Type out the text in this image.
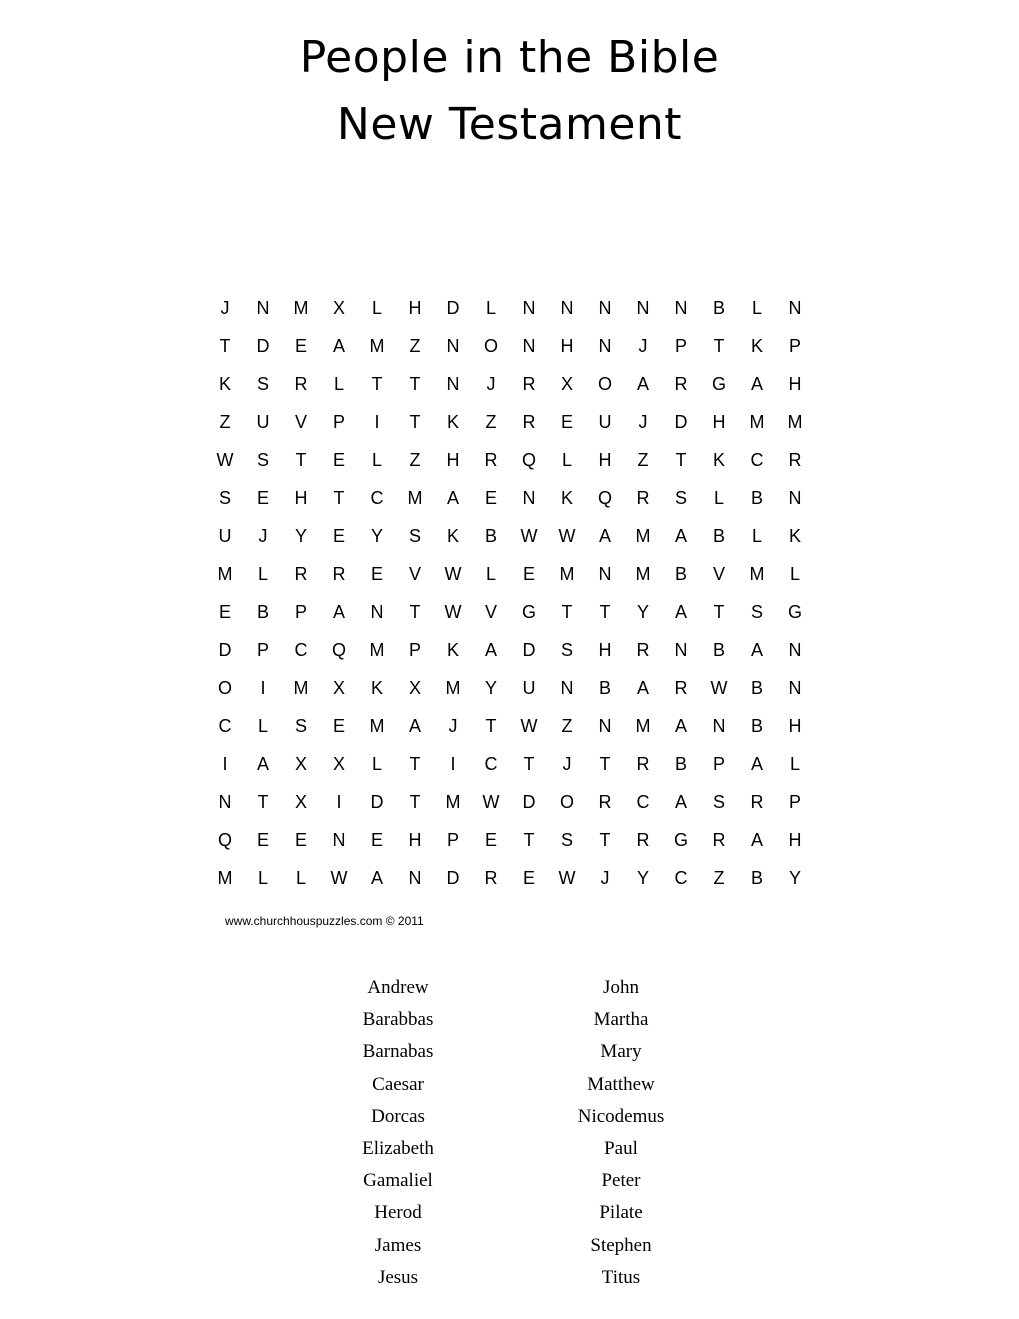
People in the Bible
New Testament
J	N	M	X	L	H	D	L	N	N	N	N	N	B	L	N
T	D	E	A	M	Z	N	O	N	H	N	J	P	T	K	P
K	S	R	L	T	T	N	J	R	X	O	A	R	G	A	H
Z	U	V	P	I	T	K	Z	R	E	U	J	D	H	M	M
W	S	T	E	L	Z	H	R	Q	L	H	Z	T	K	C	R
S	E	H	T	C	M	A	E	N	K	Q	R	S	L	B	N
U	J	Y	E	Y	S	K	B	W	W	A	M	A	B	L	K
M	L	R	R	E	V	W	L	E	M	N	M	B	V	M	L
E	B	P	A	N	T	W	V	G	T	T	Y	A	T	S	G
D	P	C	Q	M	P	K	A	D	S	H	R	N	B	A	N
O	I	M	X	K	X	M	Y	U	N	B	A	R	W	B	N
C	L	S	E	M	A	J	T	W	Z	N	M	A	N	B	H
I	A	X	X	L	T	I	C	T	J	T	R	B	P	A	L
N	T	X	I	D	T	M	W	D	O	R	C	A	S	R	P
Q	E	E	N	E	H	P	E	T	S	T	R	G	R	A	H
M	L	L	W	A	N	D	R	E	W	J	Y	C	Z	B	Y
www.churchhouspuzzles.com © 2011
Andrew
Barabbas
Barnabas
Caesar
Dorcas
Elizabeth
Gamaliel
Herod
James
Jesus
John
Martha
Mary
Matthew
Nicodemus
Paul
Peter
Pilate
Stephen
Titus
